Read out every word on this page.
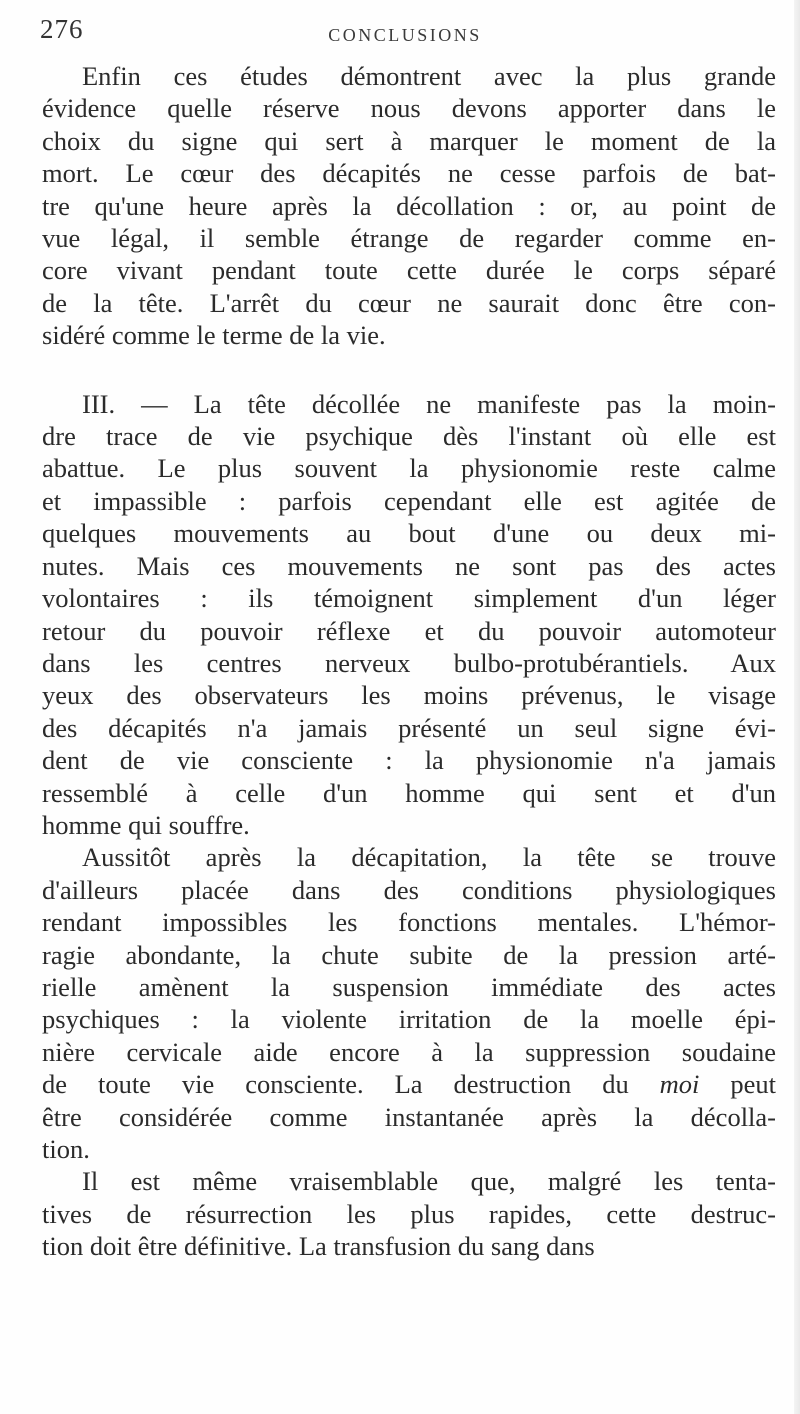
276	CONCLUSIONS
Enfin ces études démontrent avec la plus grande
évidence quelle réserve nous devons apporter dans le
choix du signe qui sert à marquer le moment de la
mort. Le cœur des décapités ne cesse parfois de bat-
tre qu'une heure après la décollation : or, au point de
vue légal, il semble étrange de regarder comme en-
core vivant pendant toute cette durée le corps séparé
de la tête. L'arrêt du cœur ne saurait donc être con-
sidéré comme le terme de la vie.
III. — La tête décollée ne manifeste pas la moin-
dre trace de vie psychique dès l'instant où elle est
abattue. Le plus souvent la physionomie reste calme
et impassible : parfois cependant elle est agitée de
quelques mouvements au bout d'une ou deux mi-
nutes. Mais ces mouvements ne sont pas des actes
volontaires : ils témoignent simplement d'un léger
retour du pouvoir réflexe et du pouvoir automoteur
dans les centres nerveux bulbo-protubérantiels. Aux
yeux des observateurs les moins prévenus, le visage
des décapités n'a jamais présenté un seul signe évi-
dent de vie consciente : la physionomie n'a jamais
ressemblé à celle d'un homme qui sent et d'un
homme qui souffre.
Aussitôt après la décapitation, la tête se trouve
d'ailleurs placée dans des conditions physiologiques
rendant impossibles les fonctions mentales. L'hémor-
ragie abondante, la chute subite de la pression arté-
rielle amènent la suspension immédiate des actes
psychiques : la violente irritation de la moelle épi-
nière cervicale aide encore à la suppression soudaine
de toute vie consciente. La destruction du moi peut
être considérée comme instantanée après la décolla-
tion.
Il est même vraisemblable que, malgré les tenta-
tives de résurrection les plus rapides, cette destruc-
tion doit être définitive. La transfusion du sang dans
